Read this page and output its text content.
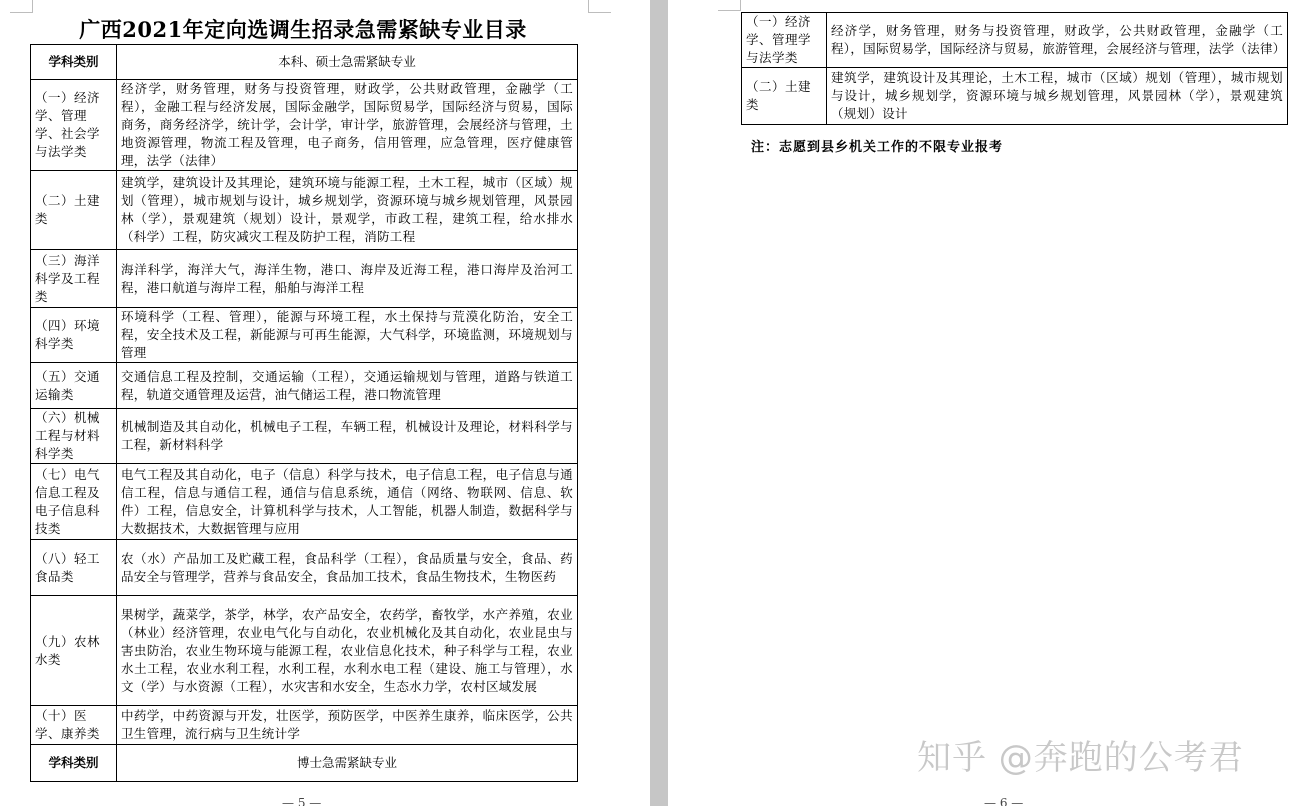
广西2021年定向选调生招录急需紧缺专业目录
学科类别	本科、硕士急需紧缺专业
（一）经济学、管理学、社会学与法学类	经济学，财务管理，财务与投资管理，财政学，公共财政管理，金融学（工程），金融工程与经济发展，国际金融学，国际贸易学，国际经济与贸易，国际商务，商务经济学，统计学，会计学，审计学，旅游管理，会展经济与管理，土地资源管理，物流工程及管理，电子商务，信用管理，应急管理，医疗健康管理，法学（法律）
（二）土建类	建筑学，建筑设计及其理论，建筑环境与能源工程，土木工程，城市（区域）规划（管理），城市规划与设计，城乡规划学，资源环境与城乡规划管理，风景园林（学），景观建筑（规划）设计，景观学，市政工程，建筑工程，给水排水（科学）工程，防灾减灾工程及防护工程，消防工程
（三）海洋科学及工程类	海洋科学，海洋大气，海洋生物，港口、海岸及近海工程，港口海岸及治河工程，港口航道与海岸工程，船舶与海洋工程
（四）环境科学类	环境科学（工程、管理），能源与环境工程，水土保持与荒漠化防治，安全工程，安全技术及工程，新能源与可再生能源，大气科学，环境监测，环境规划与管理
（五）交通运输类	交通信息工程及控制，交通运输（工程），交通运输规划与管理，道路与铁道工程，轨道交通管理及运营，油气储运工程，港口物流管理
（六）机械工程与材料科学类	机械制造及其自动化，机械电子工程，车辆工程，机械设计及理论，材料科学与工程，新材料科学
（七）电气信息工程及电子信息科技类	电气工程及其自动化，电子（信息）科学与技术，电子信息工程，电子信息与通信工程，信息与通信工程，通信与信息系统，通信（网络、物联网、信息、软件）工程，信息安全，计算机科学与技术，人工智能，机器人制造，数据科学与大数据技术，大数据管理与应用
（八）轻工食品类	农（水）产品加工及贮藏工程，食品科学（工程），食品质量与安全，食品、药品安全与管理学，营养与食品安全，食品加工技术，食品生物技术，生物医药
（九）农林水类	果树学，蔬菜学，茶学，林学，农产品安全，农药学，畜牧学，水产养殖，农业（林业）经济管理，农业电气化与自动化，农业机械化及其自动化，农业昆虫与害虫防治，农业生物环境与能源工程，农业信息化技术，种子科学与工程，农业水土工程，农业水利工程，水利工程，水利水电工程（建设、施工与管理），水文（学）与水资源（工程），水灾害和水安全，生态水力学，农村区域发展
（十）医学、康养类	中药学，中药资源与开发，壮医学，预防医学，中医养生康养，临床医学，公共卫生管理，流行病与卫生统计学
学科类别	博士急需紧缺专业
— 5 —
（一）经济学、管理学与法学类	经济学，财务管理，财务与投资管理，财政学，公共财政管理，金融学（工程），国际贸易学，国际经济与贸易，旅游管理，会展经济与管理，法学（法律）
（二）土建类	建筑学，建筑设计及其理论，土木工程，城市（区域）规划（管理），城市规划与设计，城乡规划学，资源环境与城乡规划管理，风景园林（学），景观建筑（规划）设计
注：志愿到县乡机关工作的不限专业报考
— 6 —
知乎 @奔跑的公考君
